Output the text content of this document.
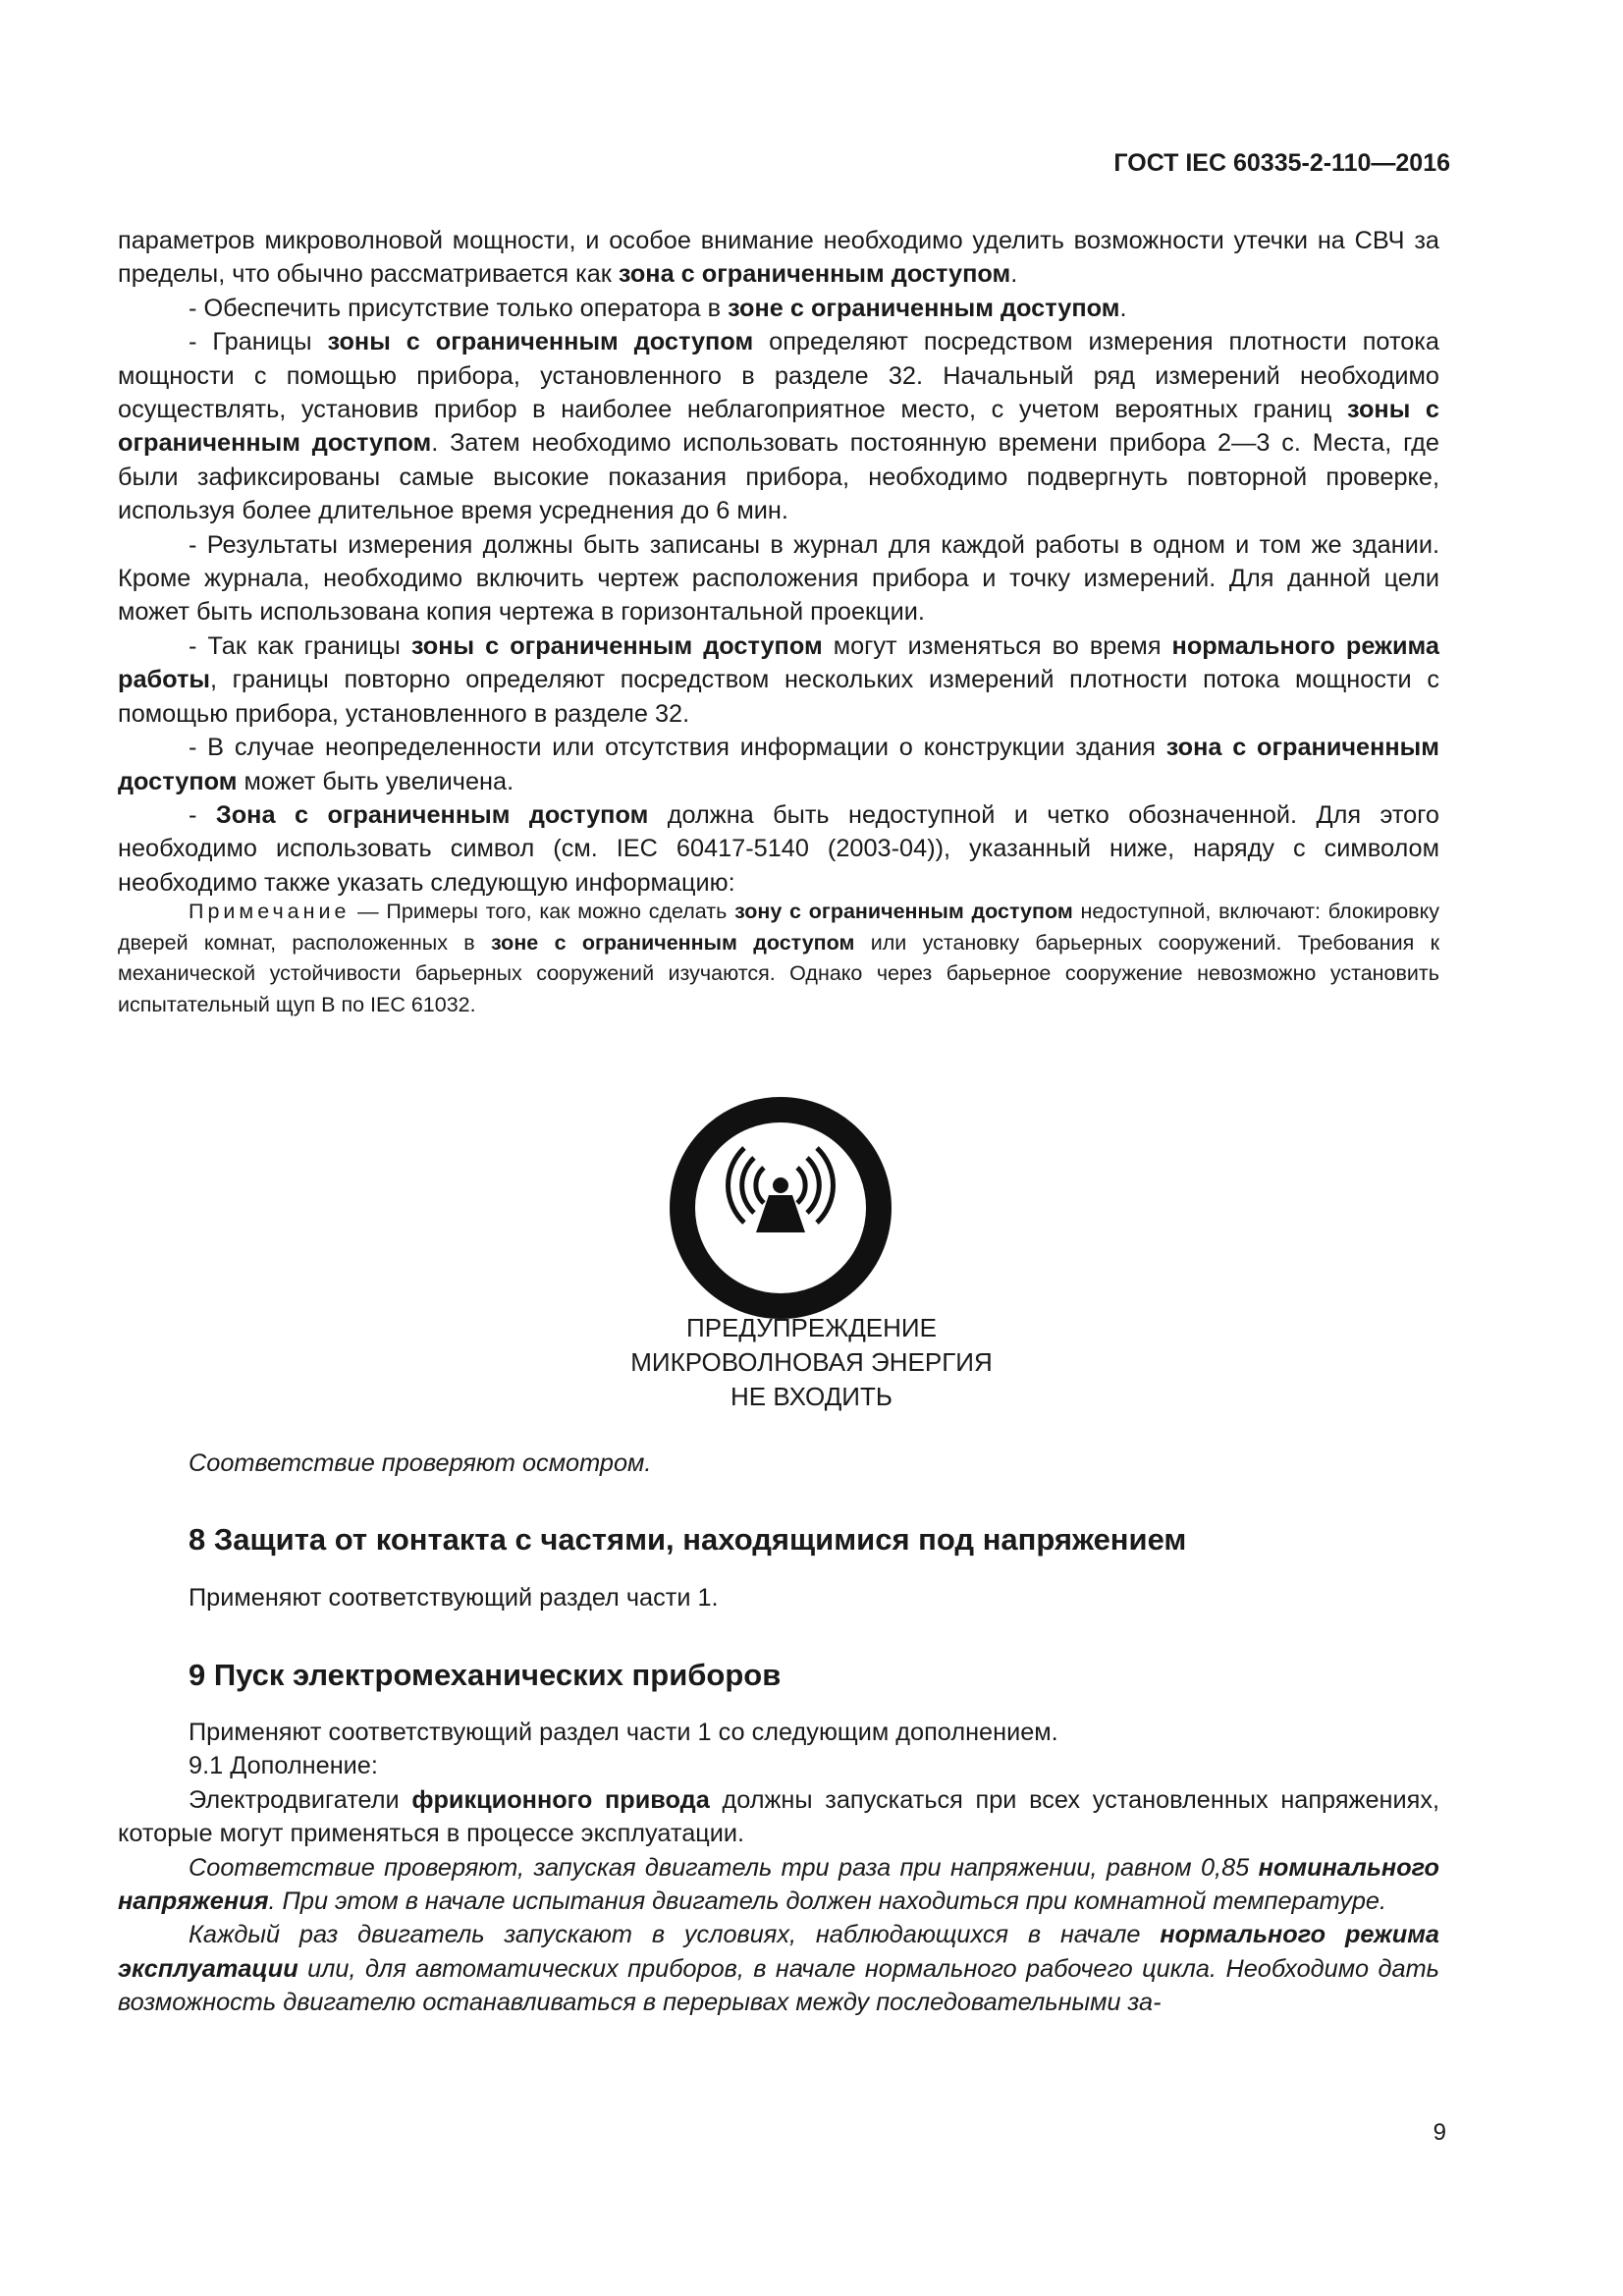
ГОСТ IEC 60335-2-110—2016

параметров микроволновой мощности, и особое внимание необходимо уделить возможности утечки на СВЧ за пределы, что обычно рассматривается как зона с ограниченным доступом.

- Обеспечить присутствие только оператора в зоне с ограниченным доступом.

- Границы зоны с ограниченным доступом определяют посредством измерения плотности потока мощности с помощью прибора, установленного в разделе 32. Начальный ряд измерений необходимо осуществлять, установив прибор в наиболее неблагоприятное место, с учетом вероятных границ зоны с ограниченным доступом. Затем необходимо использовать постоянную времени прибора 2—3 с. Места, где были зафиксированы самые высокие показания прибора, необходимо подвергнуть повторной проверке, используя более длительное время усреднения до 6 мин.

- Результаты измерения должны быть записаны в журнал для каждой работы в одном и том же здании. Кроме журнала, необходимо включить чертеж расположения прибора и точку измерений. Для данной цели может быть использована копия чертежа в горизонтальной проекции.

- Так как границы зоны с ограниченным доступом могут изменяться во время нормального режима работы, границы повторно определяют посредством нескольких измерений плотности потока мощности с помощью прибора, установленного в разделе 32.

- В случае неопределенности или отсутствия информации о конструкции здания зона с ограниченным доступом может быть увеличена.

- Зона с ограниченным доступом должна быть недоступной и четко обозначенной. Для этого необходимо использовать символ (см. IEC 60417-5140 (2003-04)), указанный ниже, наряду с символом необходимо также указать следующую информацию:

Примечание — Примеры того, как можно сделать зону с ограниченным доступом недоступной, включают: блокировку дверей комнат, расположенных в зоне с ограниченным доступом или установку барьерных сооружений. Требования к механической устойчивости барьерных сооружений изучаются. Однако через барьерное сооружение невозможно установить испытательный щуп B по IEC 61032.

ПРЕДУПРЕЖДЕНИЕ
МИКРОВОЛНОВАЯ ЭНЕРГИЯ
НЕ ВХОДИТЬ
Соответствие проверяют осмотром.
8 Защита от контакта с частями, находящимися под напряжением
Применяют соответствующий раздел части 1.
9 Пуск электромеханических приборов

Применяют соответствующий раздел части 1 со следующим дополнением.

9.1 Дополнение:

Электродвигатели фрикционного привода должны запускаться при всех установленных напряжениях, которые могут применяться в процессе эксплуатации.

Соответствие проверяют, запуская двигатель три раза при напряжении, равном 0,85 номинального напряжения. При этом в начале испытания двигатель должен находиться при комнатной температуре.

Каждый раз двигатель запускают в условиях, наблюдающихся в начале нормального режима эксплуатации или, для автоматических приборов, в начале нормального рабочего цикла. Необходимо дать возможность двигателю останавливаться в перерывах между последовательными за-

9
